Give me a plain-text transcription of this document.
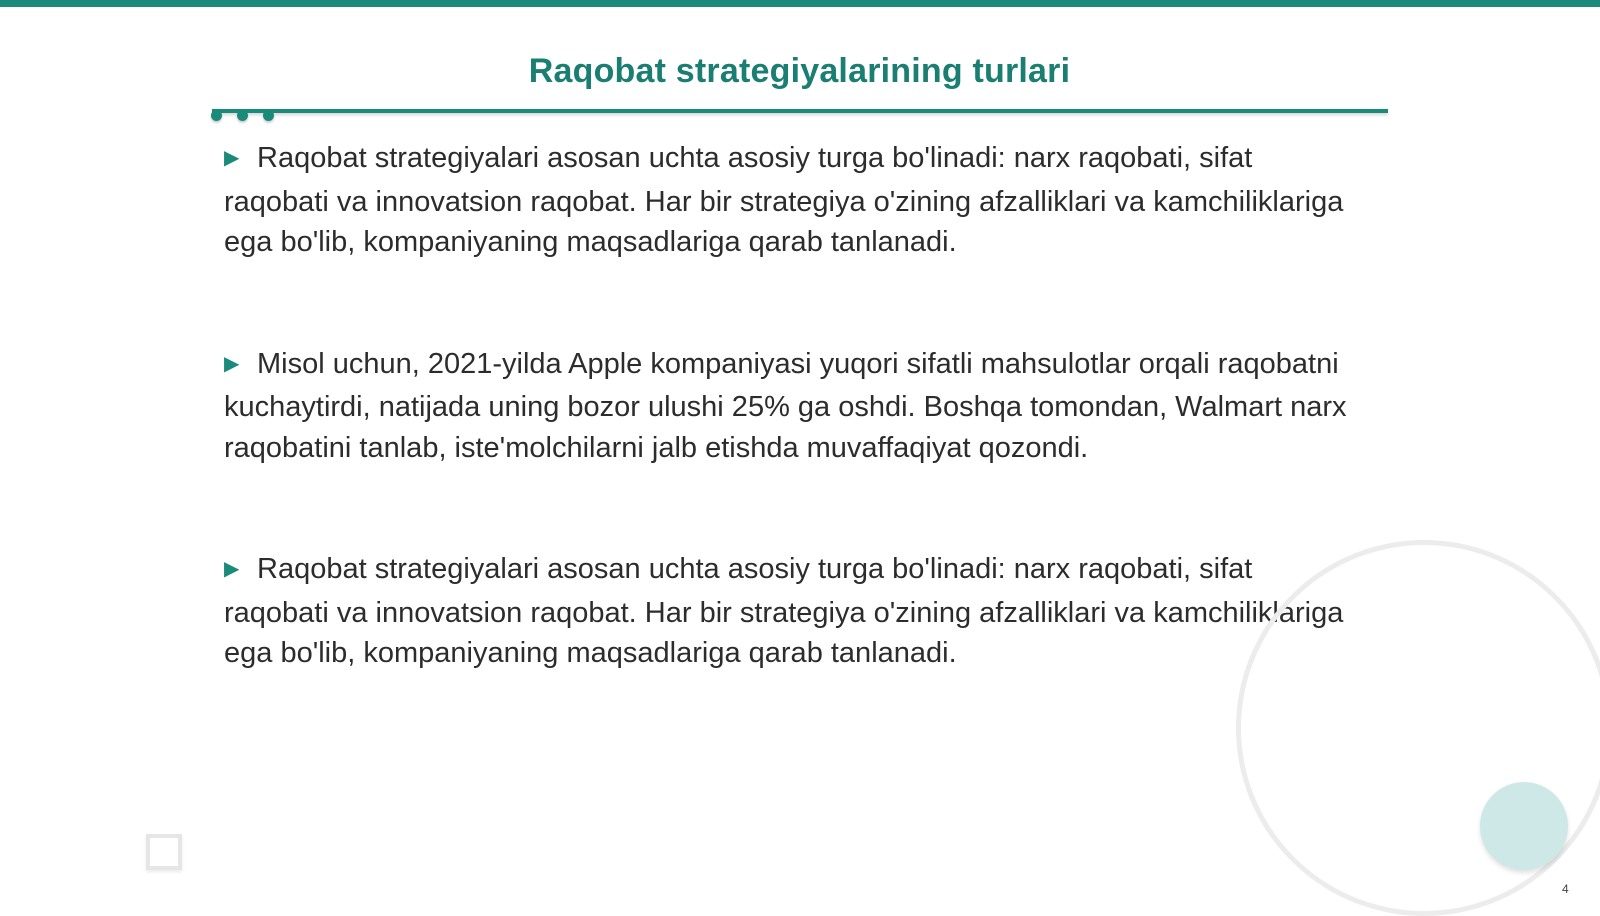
Raqobat strategiyalarining turlari

▶ Raqobat strategiyalari asosan uchta asosiy turga bo'linadi: narx raqobati, sifat raqobati va innovatsion raqobat. Har bir strategiya o'zining afzalliklari va kamchiliklariga ega bo'lib, kompaniyaning maqsadlariga qarab tanlanadi.

▶ Misol uchun, 2021-yilda Apple kompaniyasi yuqori sifatli mahsulotlar orqali raqobatni kuchaytirdi, natijada uning bozor ulushi 25% ga oshdi. Boshqa tomondan, Walmart narx raqobatini tanlab, iste'molchilarni jalb etishda muvaffaqiyat qozondi.

▶ Raqobat strategiyalari asosan uchta asosiy turga bo'linadi: narx raqobati, sifat raqobati va innovatsion raqobat. Har bir strategiya o'zining afzalliklari va kamchiliklariga ega bo'lib, kompaniyaning maqsadlariga qarab tanlanadi.

4
